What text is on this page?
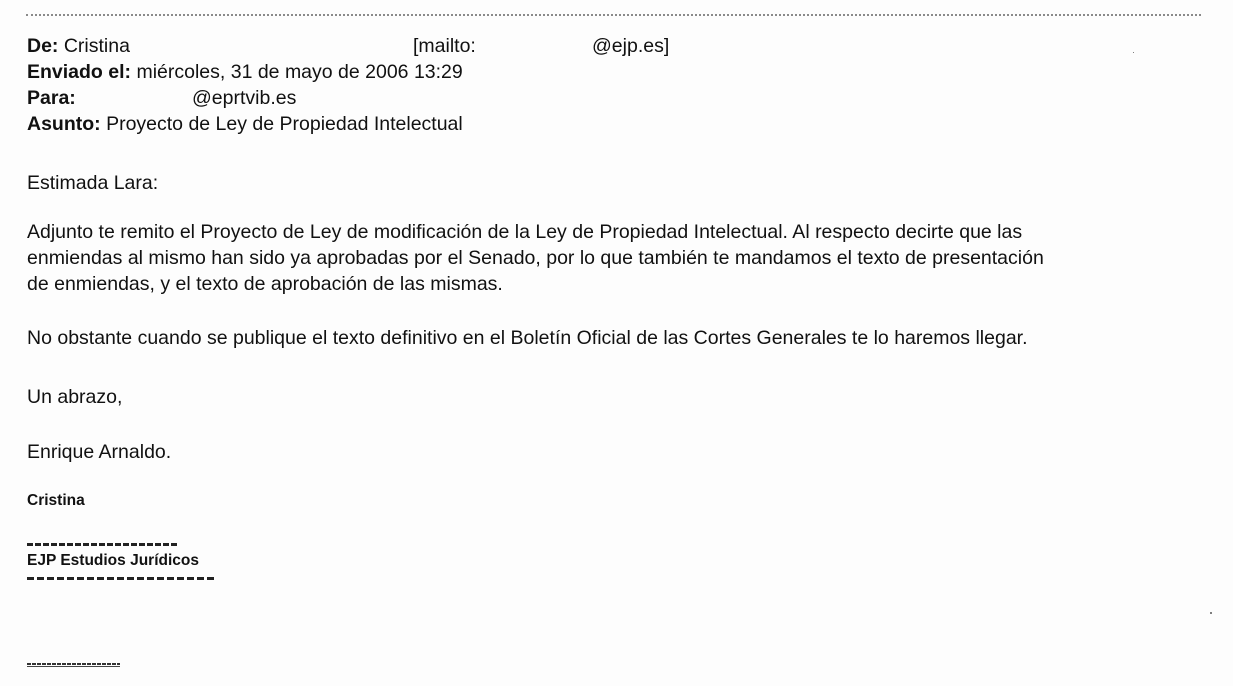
De: Cristina	[mailto:	@ejp.es]
Enviado el: miércoles, 31 de mayo de 2006 13:29
Para:	@eprtvib.es
Asunto: Proyecto de Ley de Propiedad Intelectual
Estimada Lara:
Adjunto te remito el Proyecto de Ley de modificación de la Ley de Propiedad Intelectual. Al respecto decirte que las
enmiendas al mismo han sido ya aprobadas por el Senado, por lo que también te mandamos el texto de presentación
de enmiendas, y el texto de aprobación de las mismas.
No obstante cuando se publique el texto definitivo en el Boletín Oficial de las Cortes Generales te lo haremos llegar.
Un abrazo,
Enrique Arnaldo.
Cristina
EJP Estudios Jurídicos
